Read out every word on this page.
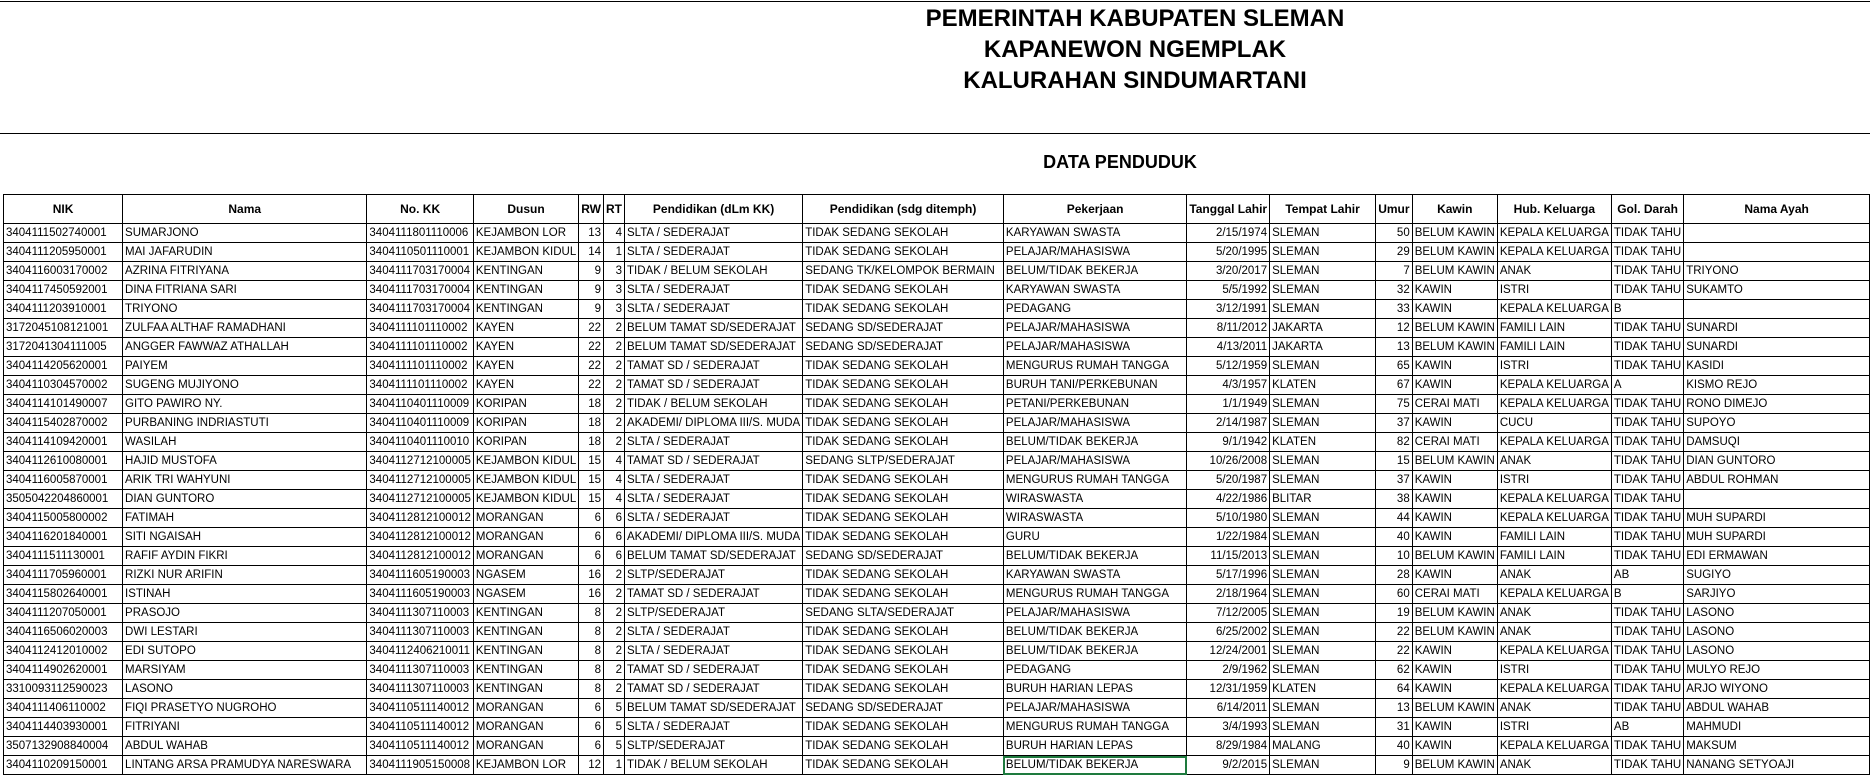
PEMERINTAH KABUPATEN SLEMAN
KAPANEWON NGEMPLAK
KALURAHAN SINDUMARTANI
DATA PENDUDUK
NIK	Nama	No. KK	Dusun	RW	RT	Pendidikan (dLm KK)	Pendidikan (sdg ditemph)	Pekerjaan	Tanggal Lahir	Tempat Lahir	Umur	Kawin	Hub. Keluarga	Gol. Darah	Nama Ayah
3404111502740001	SUMARJONO	3404111801110006	KEJAMBON LOR	13	4	SLTA / SEDERAJAT	TIDAK SEDANG SEKOLAH	KARYAWAN SWASTA	2/15/1974	SLEMAN	50	BELUM KAWIN	KEPALA KELUARGA	TIDAK TAHU	
3404111205950001	MAI JAFARUDIN	3404110501110001	KEJAMBON KIDUL	14	1	SLTA / SEDERAJAT	TIDAK SEDANG SEKOLAH	PELAJAR/MAHASISWA	5/20/1995	SLEMAN	29	BELUM KAWIN	KEPALA KELUARGA	TIDAK TAHU	
3404116003170002	AZRINA FITRIYANA	3404111703170004	KENTINGAN	9	3	TIDAK / BELUM SEKOLAH	SEDANG TK/KELOMPOK BERMAIN	BELUM/TIDAK BEKERJA	3/20/2017	SLEMAN	7	BELUM KAWIN	ANAK	TIDAK TAHU	TRIYONO
3404117450592001	DINA FITRIANA SARI	3404111703170004	KENTINGAN	9	3	SLTA / SEDERAJAT	TIDAK SEDANG SEKOLAH	KARYAWAN SWASTA	5/5/1992	SLEMAN	32	KAWIN	ISTRI	TIDAK TAHU	SUKAMTO
3404111203910001	TRIYONO	3404111703170004	KENTINGAN	9	3	SLTA / SEDERAJAT	TIDAK SEDANG SEKOLAH	PEDAGANG	3/12/1991	SLEMAN	33	KAWIN	KEPALA KELUARGA	B	
3172045108121001	ZULFAA ALTHAF RAMADHANI	3404111101110002	KAYEN	22	2	BELUM TAMAT SD/SEDERAJAT	SEDANG SD/SEDERAJAT	PELAJAR/MAHASISWA	8/11/2012	JAKARTA	12	BELUM KAWIN	FAMILI LAIN	TIDAK TAHU	SUNARDI
3172041304111005	ANGGER FAWWAZ ATHALLAH	3404111101110002	KAYEN	22	2	BELUM TAMAT SD/SEDERAJAT	SEDANG SD/SEDERAJAT	PELAJAR/MAHASISWA	4/13/2011	JAKARTA	13	BELUM KAWIN	FAMILI LAIN	TIDAK TAHU	SUNARDI
3404114205620001	PAIYEM	3404111101110002	KAYEN	22	2	TAMAT SD / SEDERAJAT	TIDAK SEDANG SEKOLAH	MENGURUS RUMAH TANGGA	5/12/1959	SLEMAN	65	KAWIN	ISTRI	TIDAK TAHU	KASIDI
3404110304570002	SUGENG MUJIYONO	3404111101110002	KAYEN	22	2	TAMAT SD / SEDERAJAT	TIDAK SEDANG SEKOLAH	BURUH TANI/PERKEBUNAN	4/3/1957	KLATEN	67	KAWIN	KEPALA KELUARGA	A	KISMO REJO
3404114101490007	GITO PAWIRO NY.	3404110401110009	KORIPAN	18	2	TIDAK / BELUM SEKOLAH	TIDAK SEDANG SEKOLAH	PETANI/PERKEBUNAN	1/1/1949	SLEMAN	75	CERAI MATI	KEPALA KELUARGA	TIDAK TAHU	RONO DIMEJO
3404115402870002	PURBANING INDRIASTUTI	3404110401110009	KORIPAN	18	2	AKADEMI/ DIPLOMA III/S. MUDA	TIDAK SEDANG SEKOLAH	PELAJAR/MAHASISWA	2/14/1987	SLEMAN	37	KAWIN	CUCU	TIDAK TAHU	SUPOYO
3404114109420001	WASILAH	3404110401110010	KORIPAN	18	2	SLTA / SEDERAJAT	TIDAK SEDANG SEKOLAH	BELUM/TIDAK BEKERJA	9/1/1942	KLATEN	82	CERAI MATI	KEPALA KELUARGA	TIDAK TAHU	DAMSUQI
3404112610080001	HAJID MUSTOFA	3404112712100005	KEJAMBON KIDUL	15	4	TAMAT SD / SEDERAJAT	SEDANG SLTP/SEDERAJAT	PELAJAR/MAHASISWA	10/26/2008	SLEMAN	15	BELUM KAWIN	ANAK	TIDAK TAHU	DIAN GUNTORO
3404116005870001	ARIK TRI WAHYUNI	3404112712100005	KEJAMBON KIDUL	15	4	SLTA / SEDERAJAT	TIDAK SEDANG SEKOLAH	MENGURUS RUMAH TANGGA	5/20/1987	SLEMAN	37	KAWIN	ISTRI	TIDAK TAHU	ABDUL ROHMAN
3505042204860001	DIAN GUNTORO	3404112712100005	KEJAMBON KIDUL	15	4	SLTA / SEDERAJAT	TIDAK SEDANG SEKOLAH	WIRASWASTA	4/22/1986	BLITAR	38	KAWIN	KEPALA KELUARGA	TIDAK TAHU	
3404115005800002	FATIMAH	3404112812100012	MORANGAN	6	6	SLTA / SEDERAJAT	TIDAK SEDANG SEKOLAH	WIRASWASTA	5/10/1980	SLEMAN	44	KAWIN	KEPALA KELUARGA	TIDAK TAHU	MUH SUPARDI
3404116201840001	SITI NGAISAH	3404112812100012	MORANGAN	6	6	AKADEMI/ DIPLOMA III/S. MUDA	TIDAK SEDANG SEKOLAH	GURU	1/22/1984	SLEMAN	40	KAWIN	FAMILI LAIN	TIDAK TAHU	MUH SUPARDI
3404111511130001	RAFIF AYDIN FIKRI	3404112812100012	MORANGAN	6	6	BELUM TAMAT SD/SEDERAJAT	SEDANG SD/SEDERAJAT	BELUM/TIDAK BEKERJA	11/15/2013	SLEMAN	10	BELUM KAWIN	FAMILI LAIN	TIDAK TAHU	EDI ERMAWAN
3404111705960001	RIZKI NUR ARIFIN	3404111605190003	NGASEM	16	2	SLTP/SEDERAJAT	TIDAK SEDANG SEKOLAH	KARYAWAN SWASTA	5/17/1996	SLEMAN	28	KAWIN	ANAK	AB	SUGIYO
3404115802640001	ISTINAH	3404111605190003	NGASEM	16	2	TAMAT SD / SEDERAJAT	TIDAK SEDANG SEKOLAH	MENGURUS RUMAH TANGGA	2/18/1964	SLEMAN	60	CERAI MATI	KEPALA KELUARGA	B	SARJIYO
3404111207050001	PRASOJO	3404111307110003	KENTINGAN	8	2	SLTP/SEDERAJAT	SEDANG SLTA/SEDERAJAT	PELAJAR/MAHASISWA	7/12/2005	SLEMAN	19	BELUM KAWIN	ANAK	TIDAK TAHU	LASONO
3404116506020003	DWI LESTARI	3404111307110003	KENTINGAN	8	2	SLTA / SEDERAJAT	TIDAK SEDANG SEKOLAH	BELUM/TIDAK BEKERJA	6/25/2002	SLEMAN	22	BELUM KAWIN	ANAK	TIDAK TAHU	LASONO
3404112412010002	EDI SUTOPO	3404112406210011	KENTINGAN	8	2	SLTA / SEDERAJAT	TIDAK SEDANG SEKOLAH	BELUM/TIDAK BEKERJA	12/24/2001	SLEMAN	22	KAWIN	KEPALA KELUARGA	TIDAK TAHU	LASONO
3404114902620001	MARSIYAM	3404111307110003	KENTINGAN	8	2	TAMAT SD / SEDERAJAT	TIDAK SEDANG SEKOLAH	PEDAGANG	2/9/1962	SLEMAN	62	KAWIN	ISTRI	TIDAK TAHU	MULYO REJO
3310093112590023	LASONO	3404111307110003	KENTINGAN	8	2	TAMAT SD / SEDERAJAT	TIDAK SEDANG SEKOLAH	BURUH HARIAN LEPAS	12/31/1959	KLATEN	64	KAWIN	KEPALA KELUARGA	TIDAK TAHU	ARJO WIYONO
3404111406110002	FIQI PRASETYO NUGROHO	3404110511140012	MORANGAN	6	5	BELUM TAMAT SD/SEDERAJAT	SEDANG SD/SEDERAJAT	PELAJAR/MAHASISWA	6/14/2011	SLEMAN	13	BELUM KAWIN	ANAK	TIDAK TAHU	ABDUL WAHAB
3404114403930001	FITRIYANI	3404110511140012	MORANGAN	6	5	SLTA / SEDERAJAT	TIDAK SEDANG SEKOLAH	MENGURUS RUMAH TANGGA	3/4/1993	SLEMAN	31	KAWIN	ISTRI	AB	MAHMUDI
3507132908840004	ABDUL WAHAB	3404110511140012	MORANGAN	6	5	SLTP/SEDERAJAT	TIDAK SEDANG SEKOLAH	BURUH HARIAN LEPAS	8/29/1984	MALANG	40	KAWIN	KEPALA KELUARGA	TIDAK TAHU	MAKSUM
3404110209150001	LINTANG ARSA PRAMUDYA NARESWARA	3404111905150008	KEJAMBON LOR	12	1	TIDAK / BELUM SEKOLAH	TIDAK SEDANG SEKOLAH	BELUM/TIDAK BEKERJA	9/2/2015	SLEMAN	9	BELUM KAWIN	ANAK	TIDAK TAHU	NANANG SETYOAJI
